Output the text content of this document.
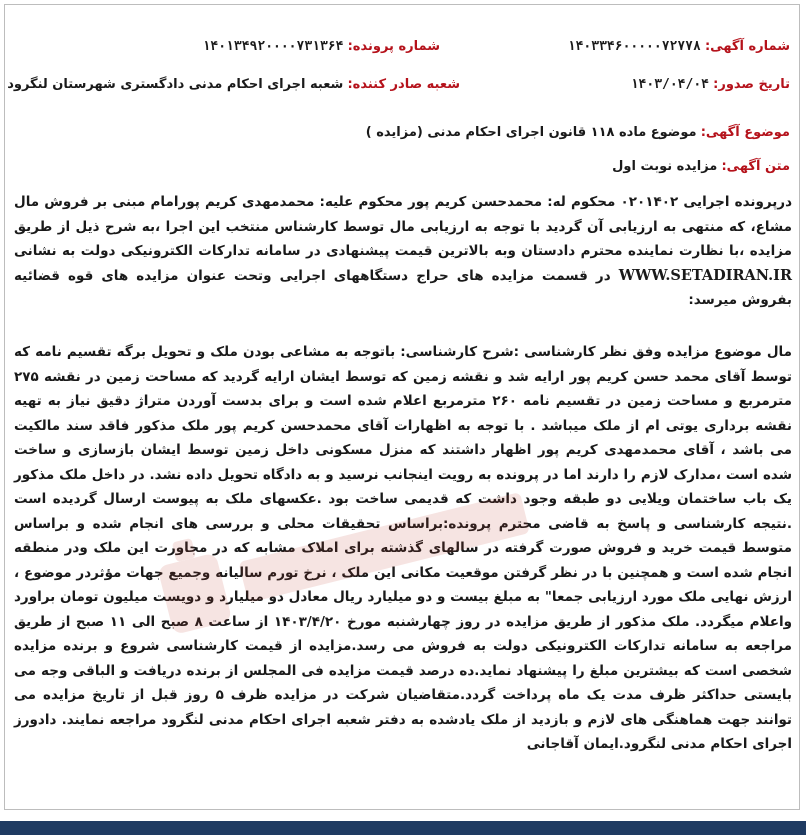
شماره آگهی: ۱۴۰۳۳۴۶۰۰۰۰۰۷۲۷۷۸
شماره پرونده: ۱۴۰۱۳۴۹۲۰۰۰۰۷۳۱۳۶۴
تاریخ صدور: ۱۴۰۳/۰۴/۰۴
شعبه صادر کننده: شعبه اجرای احکام مدنی دادگستری شهرستان لنگرود
موضوع آگهی: موضوع ماده ۱۱۸ قانون اجرای احکام مدنی (مزایده )
متن آگهی: مزایده نوبت اول
درپرونده اجرایی ۰۲۰۱۴۰۲ محکوم له: محمدحسن کریم پور محکوم علیه: محمدمهدی کریم پورامام مبنی بر فروش مال مشاع، که منتهی به ارزیابی آن گردید با توجه به ارزیابی مال توسط کارشناس منتخب این اجرا ،به شرح ذیل از طریق مزایده ،با نظارت نماینده محترم دادستان وبه بالاترین قیمت پیشنهادی در سامانه تدارکات الکترونیکی دولت به نشانی WWW.SETADIRAN.IR در قسمت مزایده های حراج دستگاههای اجرایی وتحت عنوان مزایده های قوه قضائیه بفروش میرسد:
مال موضوع مزایده وفق نظر کارشناسی :شرح کارشناسی: باتوجه به مشاعی بودن ملک و تحویل برگه تقسیم نامه که توسط آقای محمد حسن کریم پور ارایه شد و نقشه زمین که توسط ایشان ارایه گردید که مساحت زمین در نقشه ۲۷۵ مترمربع و مساحت زمین در تقسیم نامه ۲۶۰ مترمربع اعلام شده است و برای بدست آوردن متراژ دقیق نیاز به تهیه نقشه برداری یوتی ام از ملک میباشد . با توجه به اظهارات آقای محمدحسن کریم پور ملک مذکور فاقد سند مالکیت می باشد ، آقای محمدمهدی کریم پور اظهار داشتند که منزل مسکونی داخل زمین توسط ایشان بازسازی و ساخت شده است ،مدارک لازم را دارند اما در پرونده به رویت اینجانب نرسید و به دادگاه تحویل داده نشد. در داخل ملک مذکور یک باب ساختمان ویلایی دو طبقه وجود داشت که قدیمی ساخت بود .عکسهای ملک به پیوست ارسال گردیده است .نتیجه کارشناسی و پاسخ به قاضی محترم پرونده:براساس تحقیقات محلی و بررسی های انجام شده و براساس متوسط قیمت خرید و فروش صورت گرفته در سالهای گذشته برای املاک مشابه که در مجاورت این ملک ودر منطقه انجام شده است و همچنین با در نظر گرفتن موقعیت مکانی این ملک ، نرخ تورم سالیانه وجمیع جهات مؤثردر موضوع ، ارزش نهایی ملک مورد ارزیابی جمعا" به مبلغ بیست و دو میلیارد ریال معادل دو میلیارد و دویست میلیون تومان براورد واعلام میگردد. ملک مذکور از طریق مزایده در روز چهارشنبه مورخ ۱۴۰۳/۴/۲۰ از ساعت ۸ صبح الی ۱۱ صبح از طریق مراجعه به سامانه تدارکات الکترونیکی دولت به فروش می رسد.مزایده از قیمت کارشناسی شروع و برنده مزایده شخصی است که بیشترین مبلغ را پیشنهاد نماید.ده درصد قیمت مزایده فی المجلس از برنده دریافت و الباقی وجه می بایستی حداکثر ظرف مدت یک ماه پرداخت گردد.متقاضیان شرکت در مزایده ظرف ۵ روز قبل از تاریخ مزایده می توانند جهت هماهنگی های لازم و بازدید از ملک یادشده به دفتر شعبه اجرای احکام مدنی لنگرود مراجعه نمایند. دادورز اجرای احکام مدنی لنگرود.ایمان آقاجانی
